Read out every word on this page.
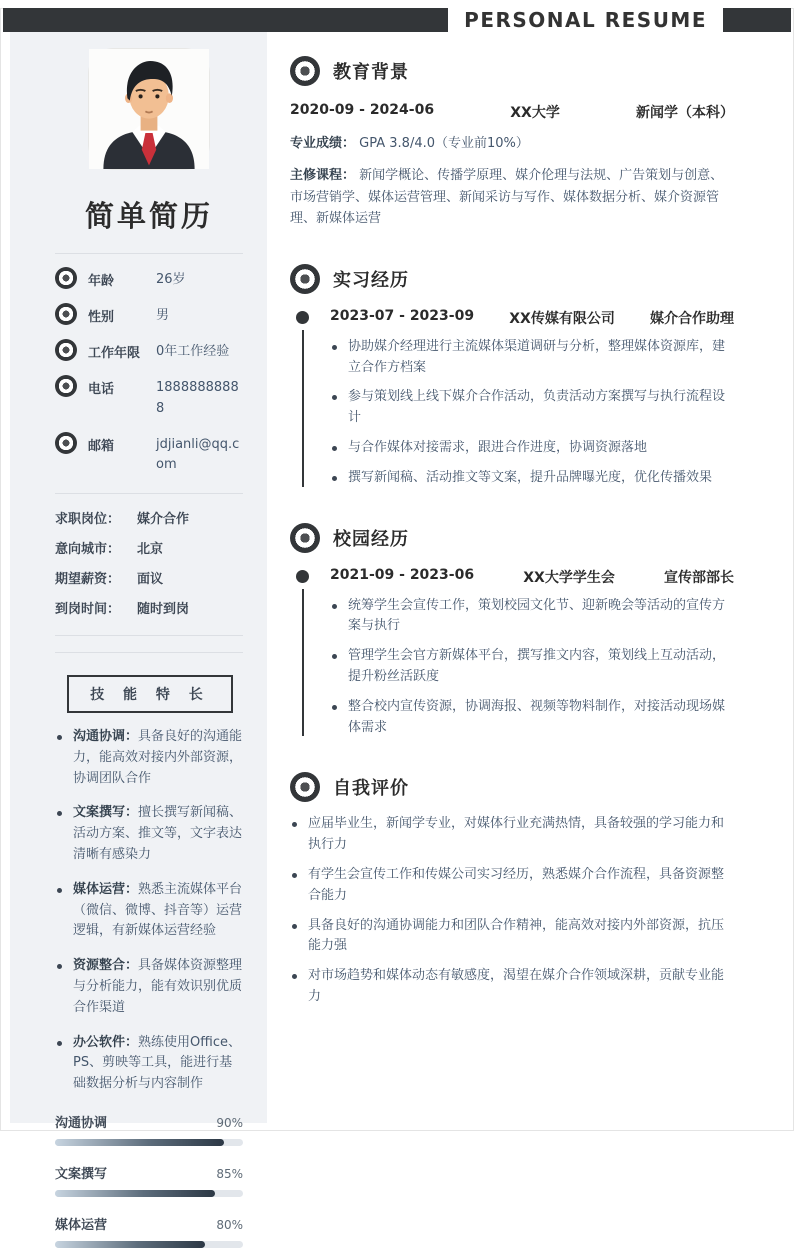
PERSONAL RESUME
简单简历
年龄	26岁
性别	男
工作年限	0年工作经验
电话	18888888888
邮箱	jdjianli@qq.com
求职岗位：	媒介合作
意向城市：	北京
期望薪资：	面议
到岗时间：	随时到岗
技 能 特 长
沟通协调：具备良好的沟通能力，能高效对接内外部资源，协调团队合作
文案撰写：擅长撰写新闻稿、活动方案、推文等，文字表达清晰有感染力
媒体运营：熟悉主流媒体平台（微信、微博、抖音等）运营逻辑，有新媒体运营经验
资源整合：具备媒体资源整理与分析能力，能有效识别优质合作渠道
办公软件：熟练使用Office、PS、剪映等工具，能进行基础数据分析与内容制作
沟通协调	90%
文案撰写	85%
媒体运营	80%
教育背景
2020-09 - 2024-06	XX大学	新闻学（本科）
专业成绩： GPA 3.8/4.0（专业前10%）
主修课程： 新闻学概论、传播学原理、媒介伦理与法规、广告策划与创意、市场营销学、媒体运营管理、新闻采访与写作、媒体数据分析、媒介资源管理、新媒体运营
实习经历
2023-07 - 2023-09	XX传媒有限公司	媒介合作助理
协助媒介经理进行主流媒体渠道调研与分析，整理媒体资源库，建立合作方档案
参与策划线上线下媒介合作活动，负责活动方案撰写与执行流程设计
与合作媒体对接需求，跟进合作进度，协调资源落地
撰写新闻稿、活动推文等文案，提升品牌曝光度，优化传播效果
校园经历
2021-09 - 2023-06	XX大学学生会	宣传部部长
统筹学生会宣传工作，策划校园文化节、迎新晚会等活动的宣传方案与执行
管理学生会官方新媒体平台，撰写推文内容，策划线上互动活动，提升粉丝活跃度
整合校内宣传资源，协调海报、视频等物料制作，对接活动现场媒体需求
自我评价
应届毕业生，新闻学专业，对媒体行业充满热情，具备较强的学习能力和执行力
有学生会宣传工作和传媒公司实习经历，熟悉媒介合作流程，具备资源整合能力
具备良好的沟通协调能力和团队合作精神，能高效对接内外部资源，抗压能力强
对市场趋势和媒体动态有敏感度，渴望在媒介合作领域深耕，贡献专业能力
